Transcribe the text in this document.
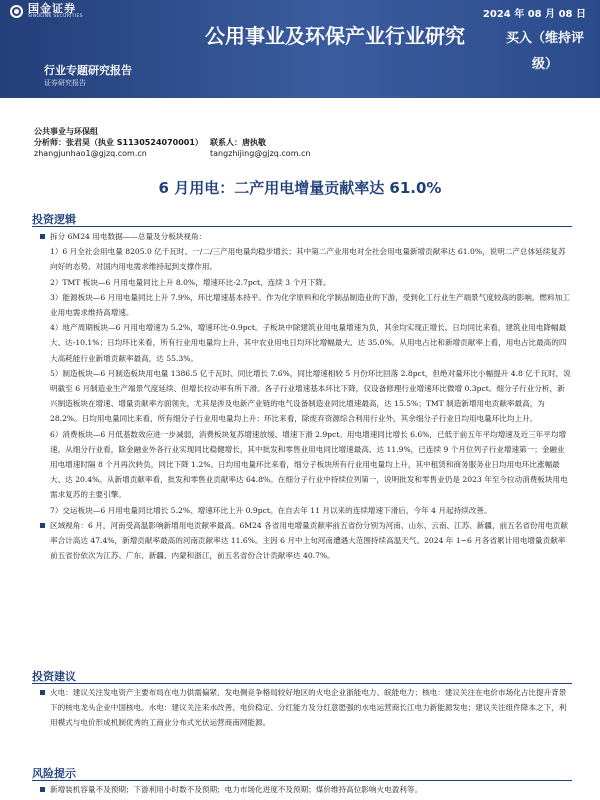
国金证券
SINOLINK SECURITIES
公用事业及环保产业行业研究
2024 年 08 月 08 日
买入（维持评级）
行业专题研究报告
证券研究报告
公共事业与环保组
分析师：张君昊（执业 S1130524070001） 联系人：唐执敬
zhangjunhao1@gjzq.com.cn	tangzhijing@gjzq.com.cn
6 月用电：二产用电增量贡献率达 61.0%
投资逻辑

拆分 6M24 用电数据——总量及分板块视角：

1）6 月全社会用电量 8205.0 亿千瓦时。一/二/三产用电量均稳步增长；其中第二产业用电对全社会用电量新增贡献率达 61.0%，说明二产总体延续复苏向好的态势、对国内用电需求维持起到支撑作用。

2）TMT 板块—6 月用电量同比上升 8.0%，增速环比-2.7pct、连续 3 个月下降。

3）能源板块—6 月用电量同比上升 7.9%，环比增速基本持平。作为化学原料和化学制品制造业的下游，受到化工行业生产端景气度较高的影响，燃料加工业用电需求维持高增速。

4）地产周期板块—6 月用电增速为 5.2%，增速环比-0.9pct。子板块中除建筑业用电量增速为负，其余均实现正增长。日均同比来看，建筑业用电降幅最大、达-10.1%；日均环比来看，所有行业用电量均上升，其中农业用电日均环比增幅最大、达 35.0%。从用电占比和新增贡献率上看，用电占比最高的四大高耗能行业新增贡献率最高，达 55.3%。

5）制造板块—6 月制造板块用电量 1386.5 亿千瓦时、同比增长 7.6%，同比增速相较 5 月份环比回落 2.8pct，但绝对量环比小幅提升 4.8 亿千瓦时，说明截至 6 月制造业生产端景气度延续、但增长拉动率有所下滑。各子行业增速基本环比下降，仅设备修理行业增速环比微增 0.3pct。细分子行业分析，新兴制造板块在增速、增量贡献率方面领先，尤其是涉及电新产业链的电气设备制造业同比增速最高，达 15.5%；TMT 制造新增用电贡献率最高，为 28.2%。日均用电量同比来看，所有细分子行业用电量均上升；环比来看，除废弃资源综合利用行业外，其余细分子行业日均用电量环比均上升。

6）消费板块—6 月低基数效应进一步减弱，消费板块复苏增速放缓、增速下滑 2.9pct。用电增速同比增长 6.6%，已低于前五年平均增速及近三年平均增速。从细分行业看，除金融业外各行业实现同比稳健增长，其中批发和零售业用电同比增速最高、达 11.9%，已连续 9 个月位列子行业增速第一；金融业用电增速时隔 8 个月再次转负，同比下降 1.2%。日均用电量环比来看，细分子板块所有行业用电量均上升，其中租赁和商务服务业日均用电环比涨幅最大、达 20.4%。从新增贡献率看，批发和零售业贡献率达 64.8%。在细分子行业中持续位列第一，说明批发和零售业仍是 2023 年至今拉动消费板块用电需求复苏的主要引擎。

7）交运板块—6 月用电量同比增长 5.2%、增速环比上升 0.9pct。在自去年 11 月以来的连续增速下滑后，今年 4 月起持续改善。

区域视角：6 月，河南受高温影响新增用电贡献率最高。6M24 各省用电增量贡献率前五省份分别为河南、山东、云南、江苏、新疆，前五名省份用电贡献率合计高达 47.4%，新增贡献率最高的河南贡献率达 11.6%。主因 6 月中上旬河南遭遇大范围持续高温天气。2024 年 1~6 月各省累计用电增量贡献率前五省份依次为江苏、广东、新疆、内蒙和浙江，前五名省份合计贡献率达 40.7%。

投资建议

火电：建议关注发电资产主要布局在电力供需偏紧、发电侧竞争格局较好地区的火电企业浙能电力、皖能电力；核电：建议关注在电价市场化占比提升背景下的核电龙头企业中国核电。水电：建议关注来水改善、电价稳定、分红能力及分红意愿强的水电运营商长江电力新能源发电；建议关注组件降本之下，利用模式与电价形成机制优秀的工商业分布式光伏运营商南网能源。

风险提示

新增装机容量不及预期；下游利用小时数不及预期；电力市场化进度不及预期；煤价维持高位影响火电盈利等。
